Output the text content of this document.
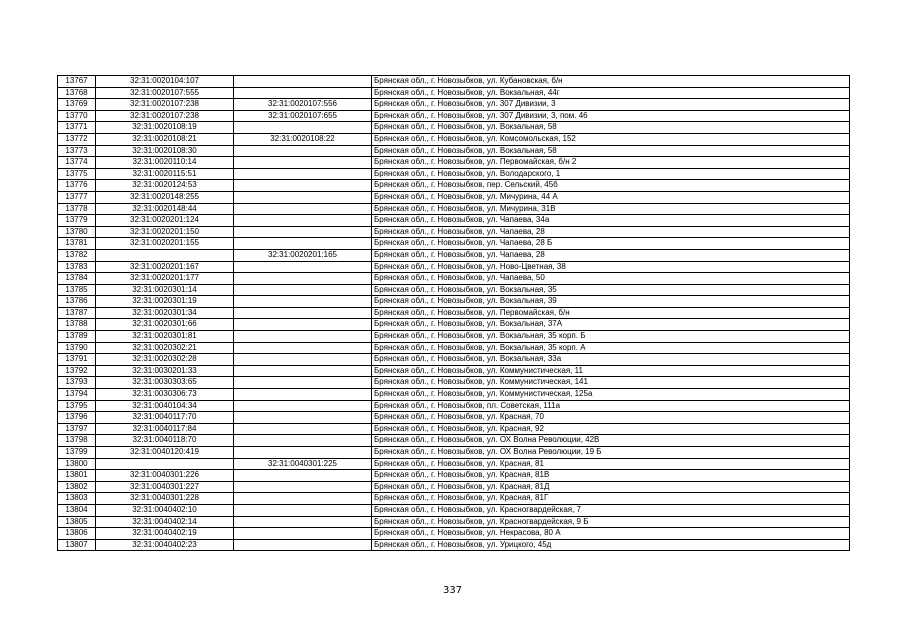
13767	32:31:0020104:107		Брянская обл., г. Новозыбков, ул. Кубановская, б/н
13768	32:31:0020107:555		Брянская обл., г. Новозыбков, ул. Вокзальная, 44г
13769	32:31:0020107:238	32:31:0020107:556	Брянская обл., г. Новозыбков, ул. 307 Дивизии, 3
13770	32:31:0020107:238	32:31:0020107:655	Брянская обл., г. Новозыбков, ул. 307 Дивизии, 3, пом. 46
13771	32:31:0020108:19		Брянская обл., г. Новозыбков, ул. Вокзальная, 58
13772	32:31:0020108:21	32:31:0020108:22	Брянская обл., г. Новозыбков, ул. Комсомольская, 152
13773	32:31:0020108:30		Брянская обл., г. Новозыбков, ул. Вокзальная, 58
13774	32:31:0020110:14		Брянская обл., г. Новозыбков, ул. Первомайская, б/н 2
13775	32:31:0020115:51		Брянская обл., г. Новозыбков, ул. Володарского, 1
13776	32:31:0020124:53		Брянская обл., г. Новозыбков, пер. Сельский, 45б
13777	32:31:0020148:255		Брянская обл., г. Новозыбков, ул. Мичурина, 44 А
13778	32:31:0020148:44		Брянская обл., г. Новозыбков, ул. Мичурина, 31В
13779	32:31:0020201:124		Брянская обл., г. Новозыбков, ул. Чапаева, 34а
13780	32:31:0020201:150		Брянская обл., г. Новозыбков, ул. Чапаева, 28
13781	32:31:0020201:155		Брянская обл., г. Новозыбков, ул. Чапаева, 28 Б
13782		32:31:0020201:165	Брянская обл., г. Новозыбков, ул. Чапаева, 28
13783	32:31:0020201:167		Брянская обл., г. Новозыбков, ул. Ново-Цветная, 38
13784	32:31:0020201:177		Брянская обл., г. Новозыбков, ул. Чапаева, 50
13785	32:31:0020301:14		Брянская обл., г. Новозыбков, ул. Вокзальная, 35
13786	32:31:0020301:19		Брянская обл., г. Новозыбков, ул. Вокзальная, 39
13787	32:31:0020301:34		Брянская обл., г. Новозыбков, ул. Первомайская, б/н
13788	32:31:0020301:66		Брянская обл., г. Новозыбков, ул. Вокзальная, 37А
13789	32:31:0020301:81		Брянская обл., г. Новозыбков, ул. Вокзальная, 35 корп. Б
13790	32:31:0020302:21		Брянская обл., г. Новозыбков, ул. Вокзальная, 35 корп. А
13791	32:31:0020302:28		Брянская обл., г. Новозыбков, ул. Вокзальная, 33а
13792	32:31:0030201:33		Брянская обл., г. Новозыбков, ул. Коммунистическая, 11
13793	32:31:0030303:65		Брянская обл., г. Новозыбков, ул. Коммунистическая, 141
13794	32:31:0030306:73		Брянская обл., г. Новозыбков, ул. Коммунистическая, 125а
13795	32:31:0040104:34		Брянская обл., г. Новозыбков, пл. Советская, 111а
13796	32:31:0040117:70		Брянская обл., г. Новозыбков, ул. Красная, 70
13797	32:31:0040117:84		Брянская обл., г. Новозыбков, ул. Красная, 92
13798	32:31:0040118:70		Брянская обл., г. Новозыбков, ул. ОХ Волна Революции, 42В
13799	32:31:0040120:419		Брянская обл., г. Новозыбков, ул. ОХ Волна Революции, 19 Б
13800		32:31:0040301:225	Брянская обл., г. Новозыбков, ул. Красная, 81
13801	32:31:0040301:226		Брянская обл., г. Новозыбков, ул. Красная, 81В
13802	32:31:0040301:227		Брянская обл., г. Новозыбков, ул. Красная, 81Д
13803	32:31:0040301:228		Брянская обл., г. Новозыбков, ул. Красная, 81Г
13804	32:31:0040402:10		Брянская обл., г. Новозыбков, ул. Красногвардейская, 7
13805	32:31:0040402:14		Брянская обл., г. Новозыбков, ул. Красногвардейская, 9 Б
13806	32:31:0040402:19		Брянская обл., г. Новозыбков, ул. Некрасова, 80 А
13807	32:31:0040402:23		Брянская обл., г. Новозыбков, ул. Урицкого, 45д
337
